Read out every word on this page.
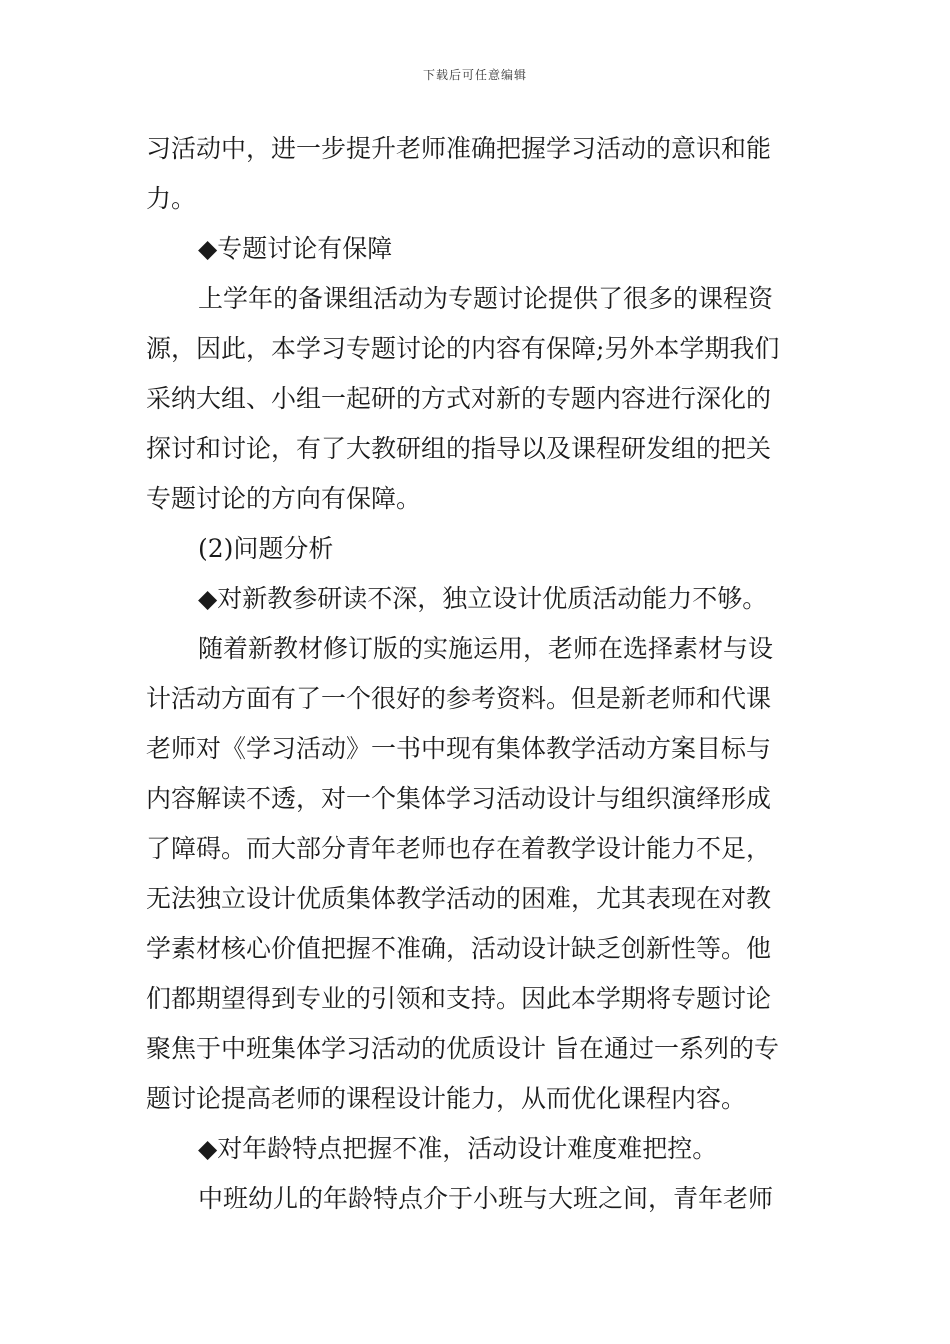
下载后可任意编辑
习活动中，进一步提升老师准确把握学习活动的意识和能
力。
◆专题讨论有保障
上学年的备课组活动为专题讨论提供了很多的课程资
源，因此，本学习专题讨论的内容有保障;另外本学期我们
采纳大组、小组一起研的方式对新的专题内容进行深化的
探讨和讨论，有了大教研组的指导以及课程研发组的把关
专题讨论的方向有保障。
(2)问题分析
◆对新教参研读不深，独立设计优质活动能力不够。
随着新教材修订版的实施运用，老师在选择素材与设
计活动方面有了一个很好的参考资料。但是新老师和代课
老师对《学习活动》一书中现有集体教学活动方案目标与
内容解读不透，对一个集体学习活动设计与组织演绎形成
了障碍。而大部分青年老师也存在着教学设计能力不足，
无法独立设计优质集体教学活动的困难，尤其表现在对教
学素材核心价值把握不准确，活动设计缺乏创新性等。他
们都期望得到专业的引领和支持。因此本学期将专题讨论
聚焦于中班集体学习活动的优质设计 旨在通过一系列的专
题讨论提高老师的课程设计能力，从而优化课程内容。
◆对年龄特点把握不准，活动设计难度难把控。
中班幼儿的年龄特点介于小班与大班之间，青年老师
